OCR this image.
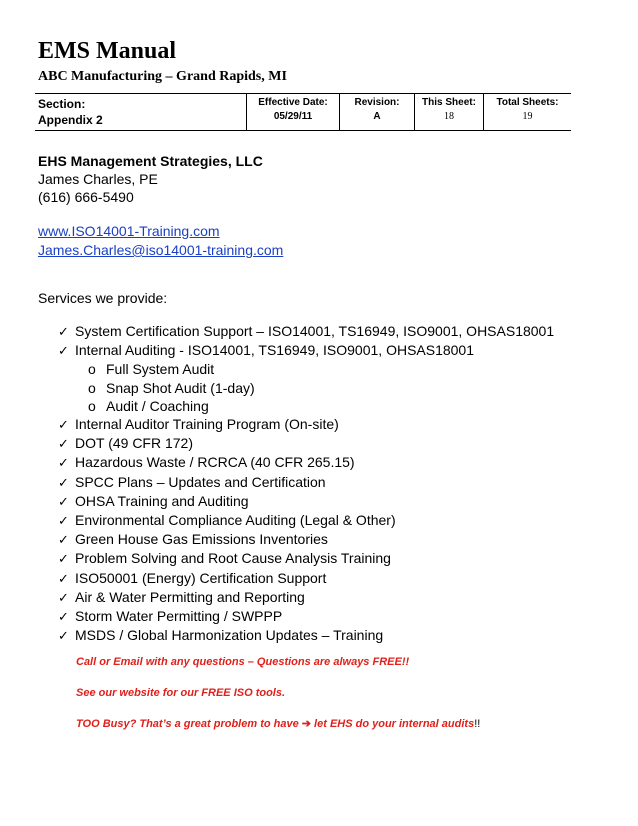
EMS Manual
ABC Manufacturing – Grand Rapids, MI
Section:
Appendix 2

Effective Date:
05/29/11

Revision:
A

This Sheet:
18

Total Sheets:
19
EHS Management Strategies, LLC
James Charles, PE
(616) 666-5490
www.ISO14001-Training.com
James.Charles@iso14001-training.com
Services we provide:
✓ System Certification Support – ISO14001, TS16949, ISO9001, OHSAS18001
✓ Internal Auditing - ISO14001, TS16949, ISO9001, OHSAS18001
o Full System Audit
o Snap Shot Audit (1-day)
o Audit / Coaching
✓ Internal Auditor Training Program (On-site)
✓ DOT (49 CFR 172)
✓ Hazardous Waste / RCRCA (40 CFR 265.15)
✓ SPCC Plans – Updates and Certification
✓ OHSA Training and Auditing
✓ Environmental Compliance Auditing (Legal & Other)
✓ Green House Gas Emissions Inventories
✓ Problem Solving and Root Cause Analysis Training
✓ ISO50001 (Energy) Certification Support
✓ Air & Water Permitting and Reporting
✓ Storm Water Permitting / SWPPP
✓ MSDS / Global Harmonization Updates – Training

Call or Email with any questions – Questions are always FREE!!

See our website for our FREE ISO tools.

TOO Busy? That’s a great problem to have ➔ let EHS do your internal audits!!
